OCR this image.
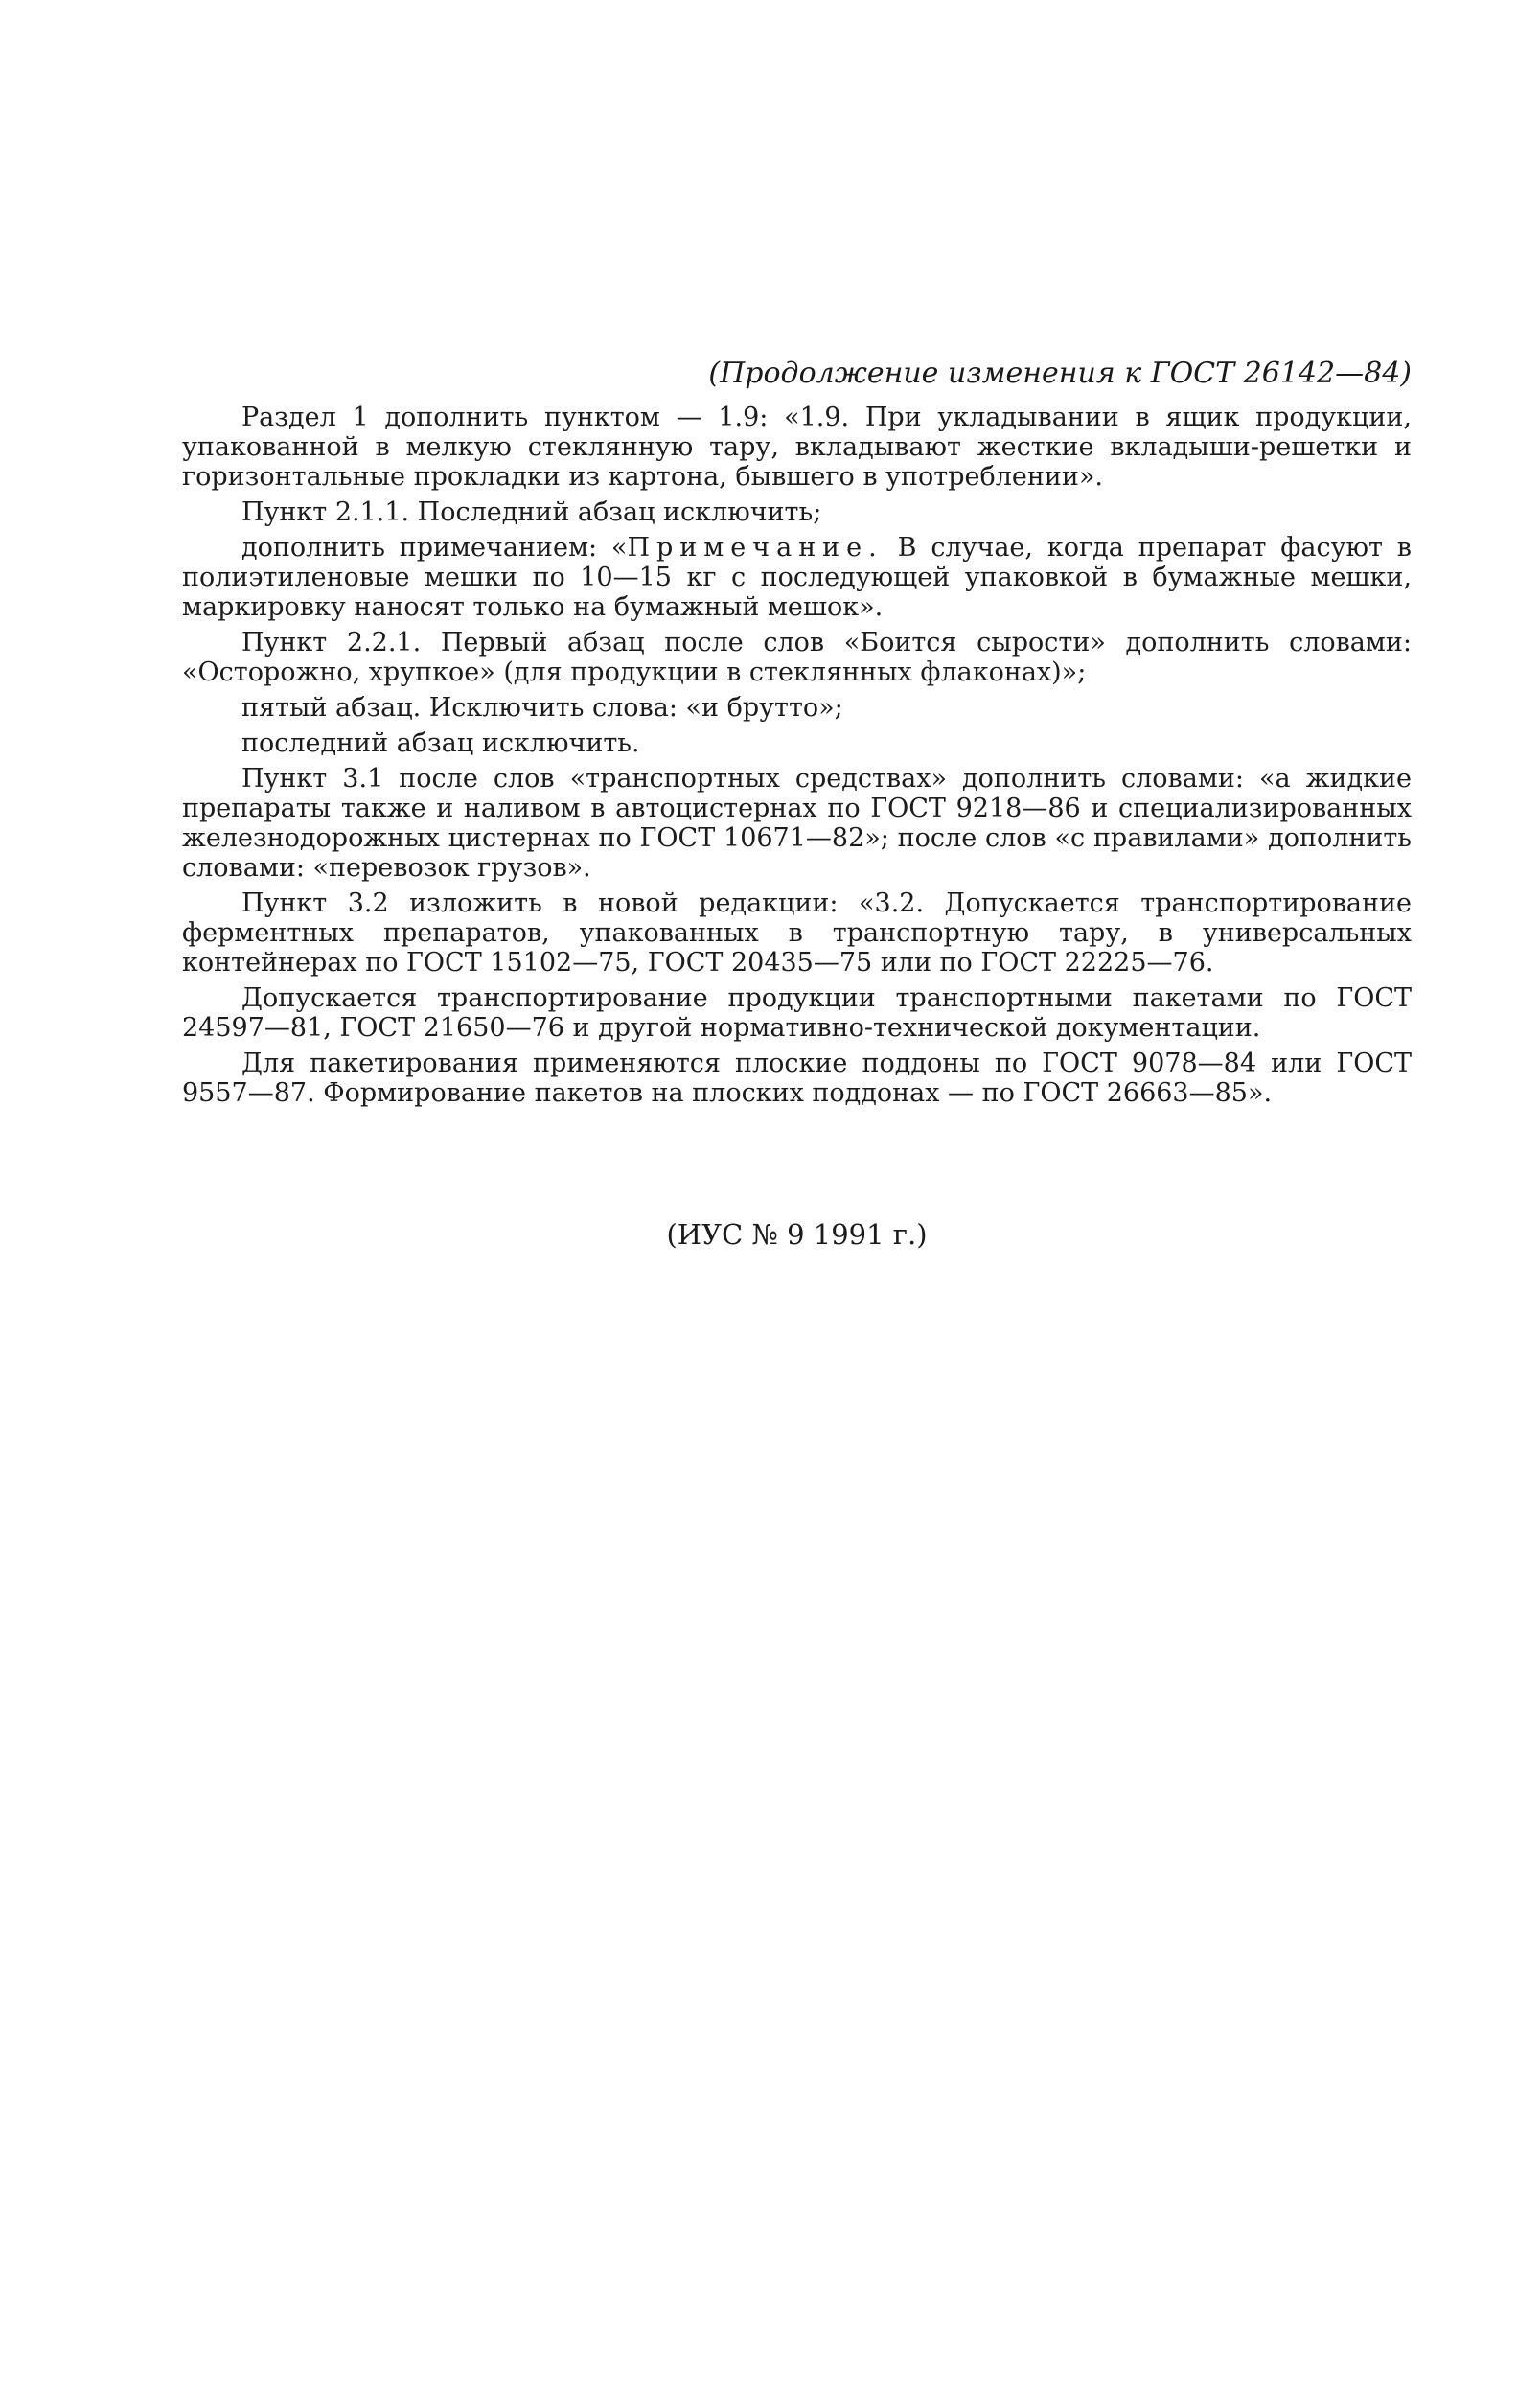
(Продолжение изменения к ГОСТ 26142—84)

Раздел 1 дополнить пунктом — 1.9: «1.9. При укладывании в ящик продукции, упакованной в мелкую стеклянную тару, вкладывают жесткие вкладыши-решетки и горизонтальные прокладки из картона, бывшего в употреблении».

Пункт 2.1.1. Последний абзац исключить;

дополнить примечанием: «Примечание. В случае, когда препарат фасуют в полиэтиленовые мешки по 10—15 кг с последующей упаковкой в бумажные мешки, маркировку наносят только на бумажный мешок».

Пункт 2.2.1. Первый абзац после слов «Боится сырости» дополнить словами: «Осторожно, хрупкое» (для продукции в стеклянных флаконах)»;

пятый абзац. Исключить слова: «и брутто»;

последний абзац исключить.

Пункт 3.1 после слов «транспортных средствах» дополнить словами: «а жидкие препараты также и наливом в автоцистернах по ГОСТ 9218—86 и специализированных железнодорожных цистернах по ГОСТ 10671—82»; после слов «с правилами» дополнить словами: «перевозок грузов».

Пункт 3.2 изложить в новой редакции: «3.2. Допускается транспортирование ферментных препаратов, упакованных в транспортную тару, в универсальных контейнерах по ГОСТ 15102—75, ГОСТ 20435—75 или по ГОСТ 22225—76.

Допускается транспортирование продукции транспортными пакетами по ГОСТ 24597—81, ГОСТ 21650—76 и другой нормативно-технической документации.

Для пакетирования применяются плоские поддоны по ГОСТ 9078—84 или ГОСТ 9557—87. Формирование пакетов на плоских поддонах — по ГОСТ 26663—85».

(ИУС № 9 1991 г.)
